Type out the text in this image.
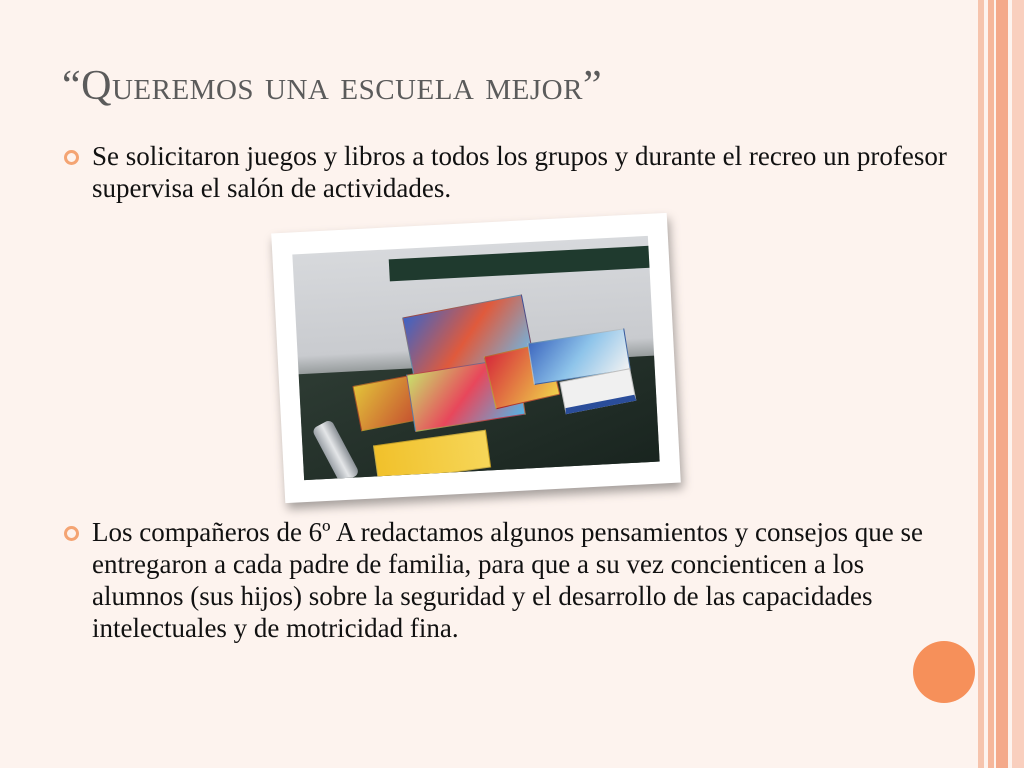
“Queremos una escuela mejor”

Se solicitaron juegos y libros a todos los grupos y durante el recreo un profesor supervisa el salón de actividades.

Los compañeros de 6º A redactamos algunos pensamientos y consejos que se entregaron a cada padre de familia, para que a su vez concienticen a los alumnos (sus hijos) sobre la seguridad y el desarrollo de las capacidades intelectuales y de motricidad fina.
